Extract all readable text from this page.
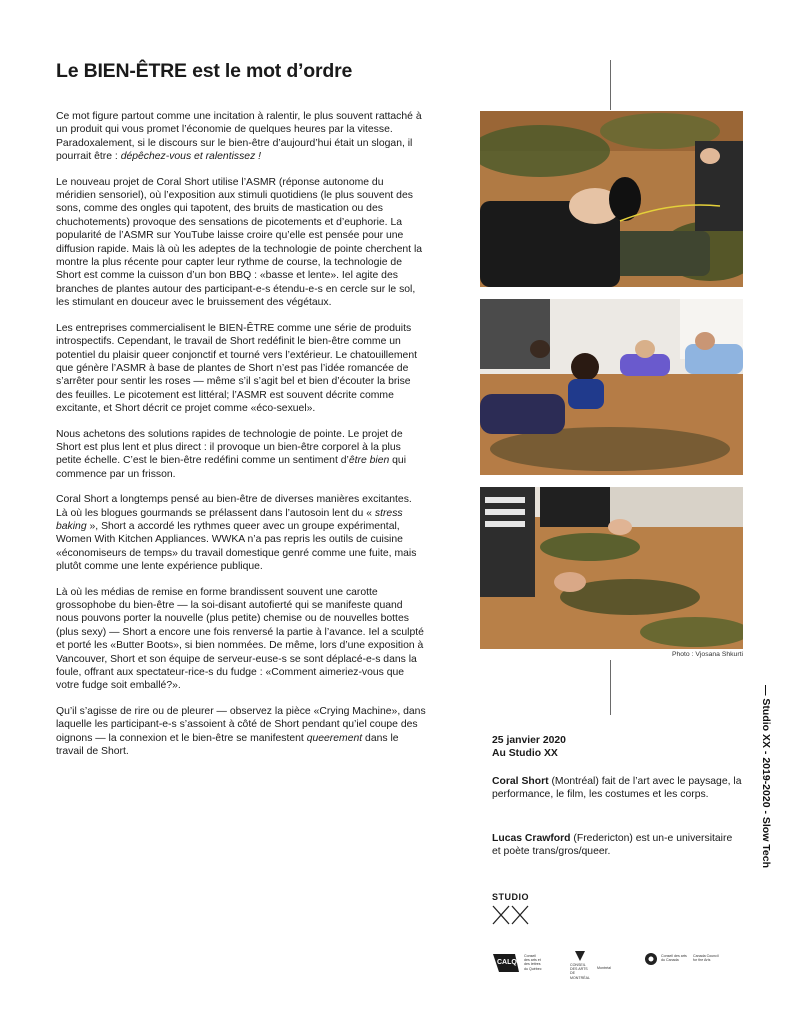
Le BIEN-ÊTRE est le mot d’ordre

Ce mot figure partout comme une incitation à ralentir, le plus souvent rattaché à un produit qui vous promet l’économie de quelques heures par la vitesse. Paradoxalement, si le discours sur le bien-être d’aujourd’hui était un slogan, il pourrait être : dépêchez-vous et ralentissez !

Le nouveau projet de Coral Short utilise l’ASMR (réponse autonome du méridien sensoriel), où l’exposition aux stimuli quotidiens (le plus souvent des sons, comme des ongles qui tapotent, des bruits de mastication ou des chuchotements) provoque des sensations de picotements et d’euphorie. La popularité de l’ASMR sur YouTube laisse croire qu’elle est pensée pour une diffusion rapide. Mais là où les adeptes de la technologie de pointe cherchent la montre la plus récente pour capter leur rythme de course, la technologie de Short est comme la cuisson d’un bon BBQ : «basse et lente». Iel agite des branches de plantes autour des participant-e-s étendu-e-s en cercle sur le sol, les stimulant en douceur avec le bruissement des végétaux.

Les entreprises commercialisent le BIEN-ÊTRE comme une série de produits introspectifs. Cependant, le travail de Short redéfinit le bien-être comme un potentiel du plaisir queer conjonctif et tourné vers l’extérieur. Le chatouillement que génère l’ASMR à base de plantes de Short n’est pas l’idée romancée de s’arrêter pour sentir les roses — même s’il s’agit bel et bien d’écouter la brise des feuilles. Le picotement est littéral; l’ASMR est souvent décrite comme excitante, et Short décrit ce projet comme «éco-sexuel».

Nous achetons des solutions rapides de technologie de pointe. Le projet de Short est plus lent et plus direct : il provoque un bien-être corporel à la plus petite échelle. C’est le bien-être redéfini comme un sentiment d’être bien qui commence par un frisson.

Coral Short a longtemps pensé au bien-être de diverses manières excitantes. Là où les blogues gourmands se prélassent dans l’autosoin lent du « stress baking », Short a accordé les rythmes queer avec un groupe expérimental, Women With Kitchen Appliances. WWKA n’a pas repris les outils de cuisine «économiseurs de temps» du travail domestique genré comme une fuite, mais plutôt comme une lente expérience publique.

Là où les médias de remise en forme brandissent souvent une carotte grossophobe du bien-être — la soi-disant autofierté qui se manifeste quand nous pouvons porter la nouvelle (plus petite) chemise ou de nouvelles bottes (plus sexy) — Short a encore une fois renversé la partie à l’avance. Iel a sculpté et porté les «Butter Boots», si bien nommées. De même, lors d’une exposition à Vancouver, Short et son équipe de serveur-euse-s se sont déplacé-e-s dans la foule, offrant aux spectateur-rice-s du fudge : «Comment aimeriez-vous que votre fudge soit emballé?».

Qu’il s’agisse de rire ou de pleurer — observez la pièce «Crying Machine», dans laquelle les participant-e-s s’assoient à côté de Short pendant qu’iel coupe des oignons — la connexion et le bien-être se manifestent queerement dans le travail de Short.

Photo : Vjosana Shkurti
— Studio XX - 2019-2020 - Slow Tech
25 janvier 2020
Au Studio XX

Coral Short (Montréal) fait de l’art avec le paysage, la performance, le film, les costumes et les corps.

Lucas Crawford (Fredericton) est un-e universitaire et poète trans/gros/queer.

STUDIO
CALQ
Conseil des arts et des lettres du Québec
CONSEIL DES ARTS DE MONTRÉAL
Montréal
Conseil des arts du Canada
Canada Council for the Arts
